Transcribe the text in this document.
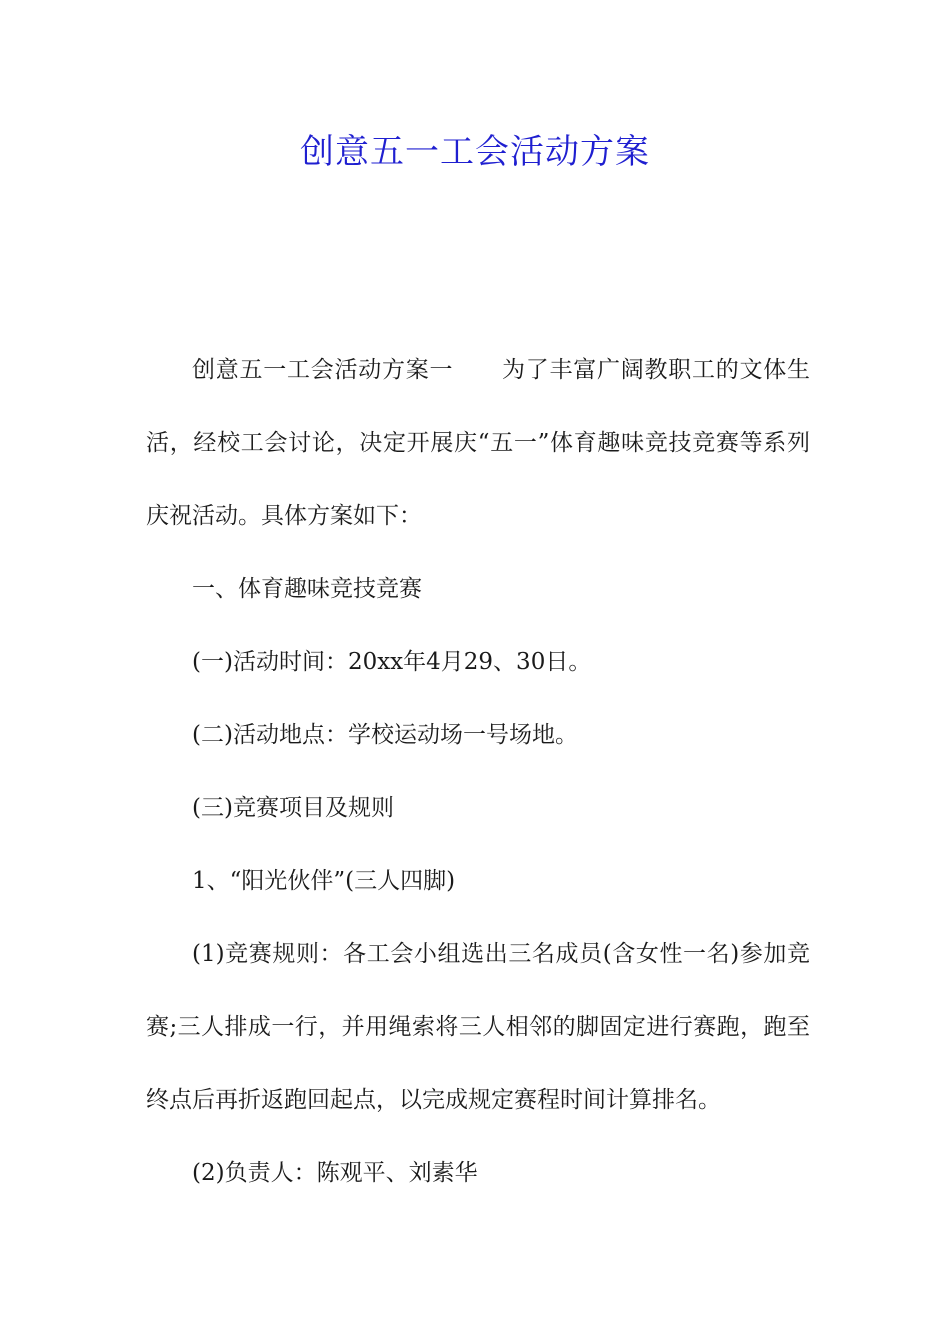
创意五一工会活动方案

创意五一工会活动方案一 为了丰富广阔教职工的文体生活，经校工会讨论，决定开展庆“五一”体育趣味竞技竞赛等系列庆祝活动。具体方案如下：

一、体育趣味竞技竞赛

(一)活动时间：20xx年4月29、30日。

(二)活动地点：学校运动场一号场地。

(三)竞赛项目及规则

1、“阳光伙伴”(三人四脚)

(1)竞赛规则：各工会小组选出三名成员(含女性一名)参加竞赛;三人排成一行，并用绳索将三人相邻的脚固定进行赛跑，跑至终点后再折返跑回起点，以完成规定赛程时间计算排名。

(2)负责人：陈观平、刘素华
